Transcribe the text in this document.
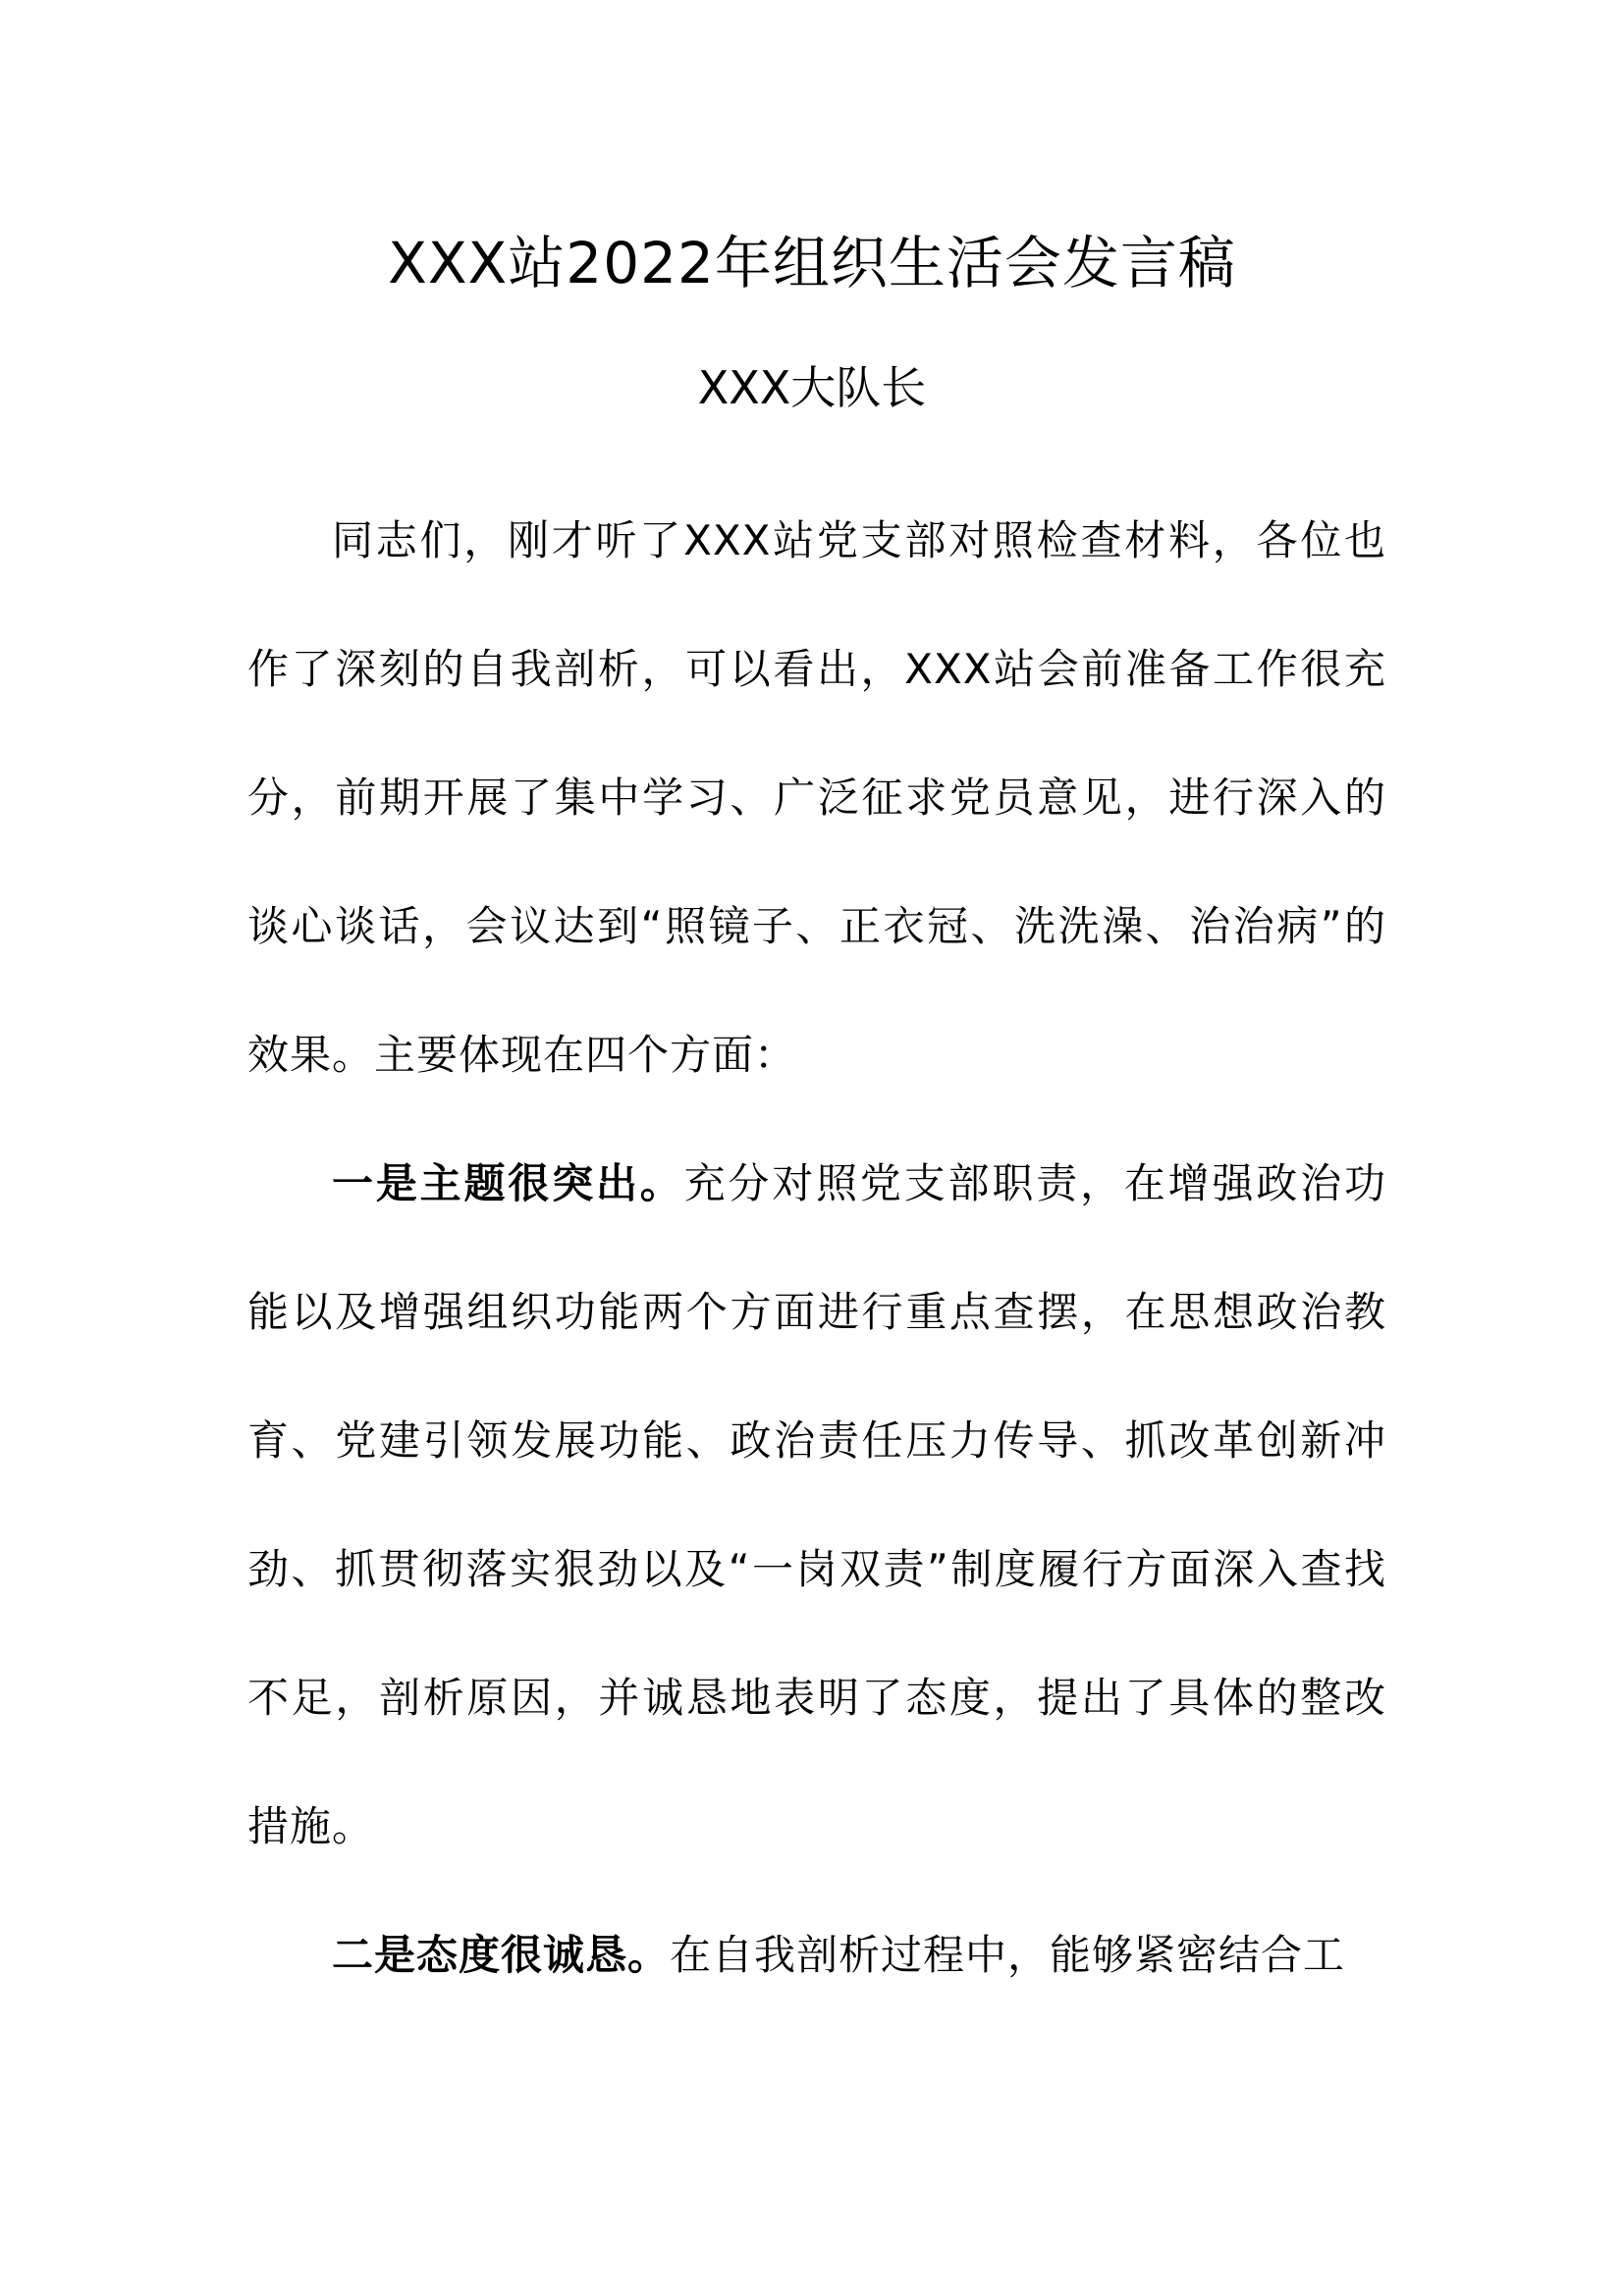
XXX站2022年组织生活会发言稿
XXX大队长

同志们，刚才听了XXX站党支部对照检查材料，各位也作了深刻的自我剖析，可以看出，XXX站会前准备工作很充分，前期开展了集中学习、广泛征求党员意见，进行深入的谈心谈话，会议达到“照镜子、正衣冠、洗洗澡、治治病”的效果。主要体现在四个方面：

一是主题很突出。充分对照党支部职责，在增强政治功能以及增强组织功能两个方面进行重点查摆，在思想政治教育、党建引领发展功能、政治责任压力传导、抓改革创新冲劲、抓贯彻落实狠劲以及“一岗双责”制度履行方面深入查找不足，剖析原因，并诚恳地表明了态度，提出了具体的整改措施。

二是态度很诚恳。在自我剖析过程中，能够紧密结合工
